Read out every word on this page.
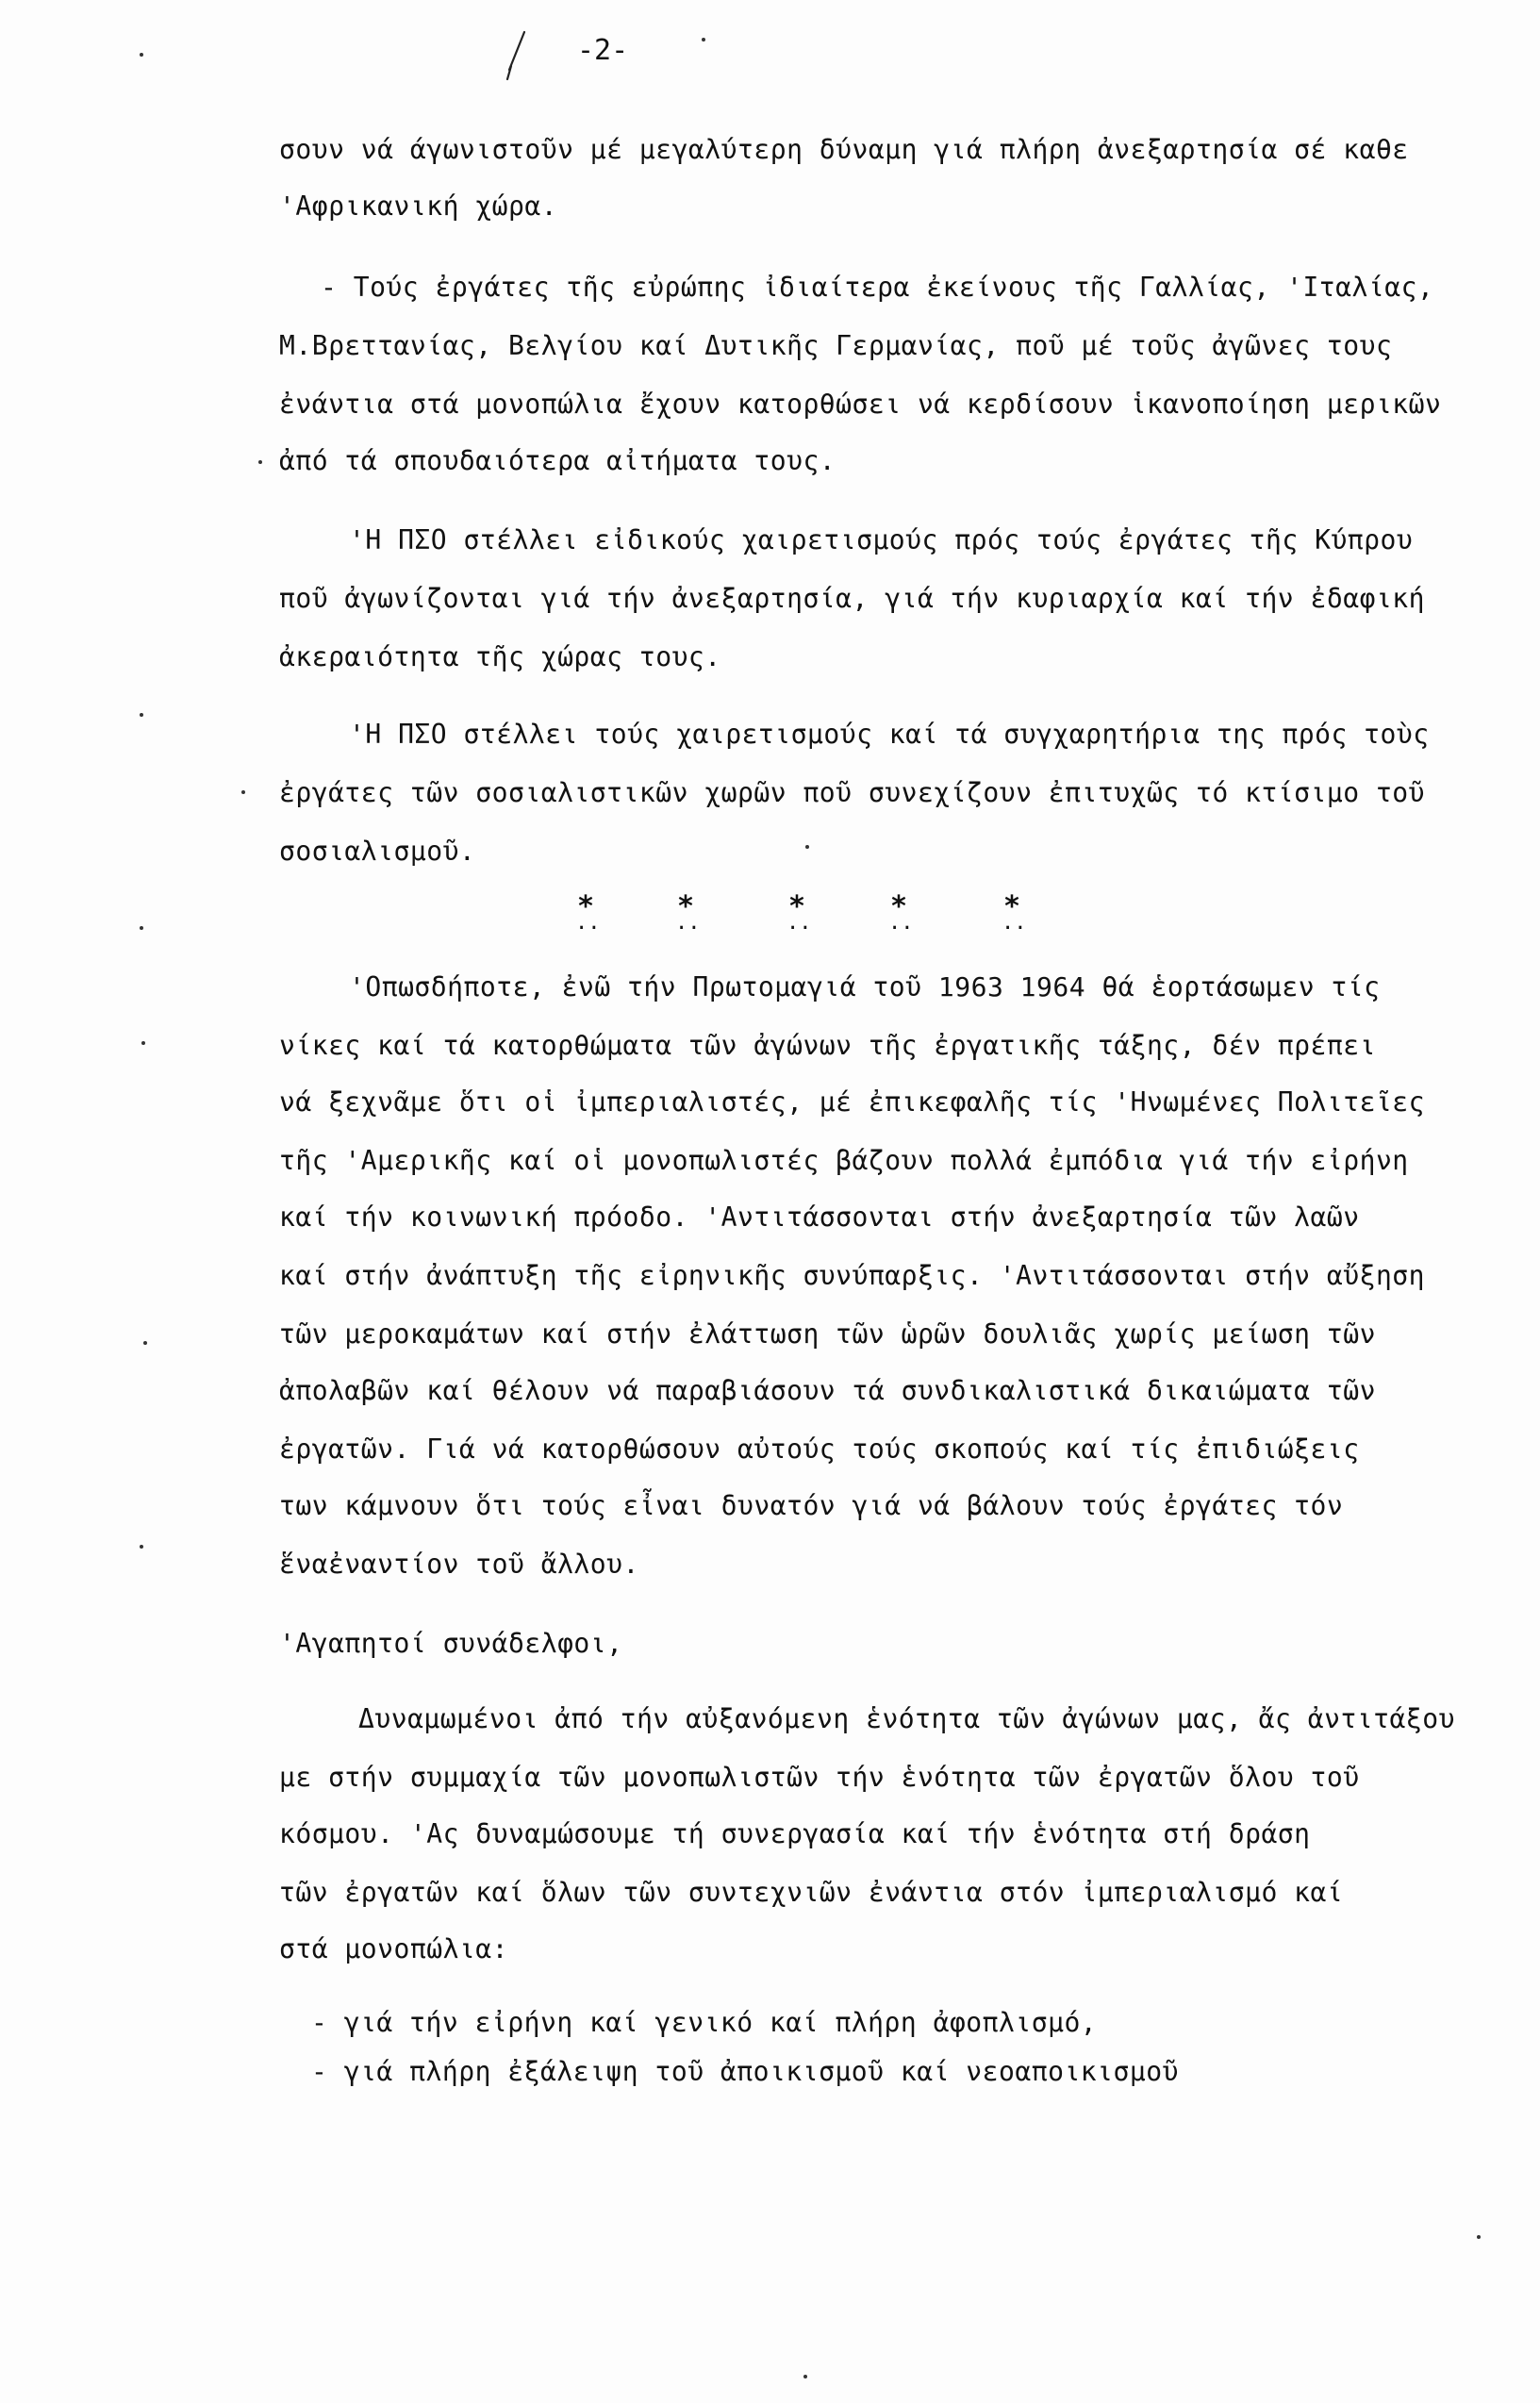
-2-
σουν νά άγωνιστοῦν μέ μεγαλύτερη δύναμη γιά πλήρη ἀνεξαρτησία σέ καθε
'Αφρικανική χώρα.
- Τούς ἐργάτες τῆς εὐρώπης ἰδιαίτερα ἐκείνους τῆς Γαλλίας, 'Ιταλίας,
Μ.Βρεττανίας, Βελγίου καί Δυτικῆς Γερμανίας, ποῦ μέ τοῦς ἀγῶνες τους
ἐνάντια στά μονοπώλια ἔχουν κατορθώσει νά κερδίσουν ἱκανοποίηση μερικῶν
ἀπό τά σπουδαιότερα αἰτήματα τους.
'Η ΠΣΟ στέλλει εἰδικούς χαιρετισμούς πρός τούς ἐργάτες τῆς Κύπρου
ποῦ ἀγωνίζονται γιά τήν ἀνεξαρτησία, γιά τήν κυριαρχία καί τήν ἐδαφική
ἀκεραιότητα τῆς χώρας τους.
'Η ΠΣΟ στέλλει τούς χαιρετισμούς καί τά συγχαρητήρια της πρός τοὺς
ἐργάτες τῶν σοσιαλιστικῶν χωρῶν ποῦ συνεχίζουν ἐπιτυχῶς τό κτίσιμο τοῦ
σοσιαλισμοῦ.
*	*	*	*	*
··	··	··	··	··
'Οπωσδήποτε, ἐνῶ τήν Πρωτομαγιά τοῦ 1963 1964 θά ἑορτάσωμεν τίς
νίκες καί τά κατορθώματα τῶν ἀγώνων τῆς ἐργατικῆς τάξης, δέν πρέπει
νά ξεχνᾶμε ὅτι οἱ ἰμπεριαλιστές, μέ ἐπικεφαλῆς τίς 'Ηνωμένες Πολιτεῖες
τῆς 'Αμερικῆς καί οἱ μονοπωλιστές βάζουν πολλά ἐμπόδια γιά τήν εἰρήνη
καί τήν κοινωνική πρόοδο. 'Αντιτάσσονται στήν ἀνεξαρτησία τῶν λαῶν
καί στήν ἀνάπτυξη τῆς εἰρηνικῆς συνύπαρξις. 'Αντιτάσσονται στήν αὔξηση
τῶν μεροκαμάτων καί στήν ἐλάττωση τῶν ὡρῶν δουλιᾶς χωρίς μείωση τῶν
ἀπολαβῶν καί θέλουν νά παραβιάσουν τά συνδικαλιστικά δικαιώματα τῶν
ἐργατῶν. Γιά νά κατορθώσουν αὐτούς τούς σκοπούς καί τίς ἐπιδιώξεις
των κάμνουν ὅτι τούς εἶναι δυνατόν γιά νά βάλουν τούς ἐργάτες τόν
ἕναἐναντίον τοῦ ἄλλου.
'Αγαπητοί συνάδελφοι,
Δυναμωμένοι ἀπό τήν αὐξανόμενη ἑνότητα τῶν ἀγώνων μας, ἄς ἀντιτάξου
με στήν συμμαχία τῶν μονοπωλιστῶν τήν ἑνότητα τῶν ἐργατῶν ὅλου τοῦ
κόσμου. 'Ας δυναμώσουμε τή συνεργασία καί τήν ἑνότητα στή δράση
τῶν ἐργατῶν καί ὅλων τῶν συντεχνιῶν ἐνάντια στόν ἰμπεριαλισμό καί
στά μονοπώλια:
- γιά τήν εἰρήνη καί γενικό καί πλήρη ἀφοπλισμό,
- γιά πλήρη ἐξάλειψη τοῦ ἀποικισμοῦ καί νεοαποικισμοῦ
